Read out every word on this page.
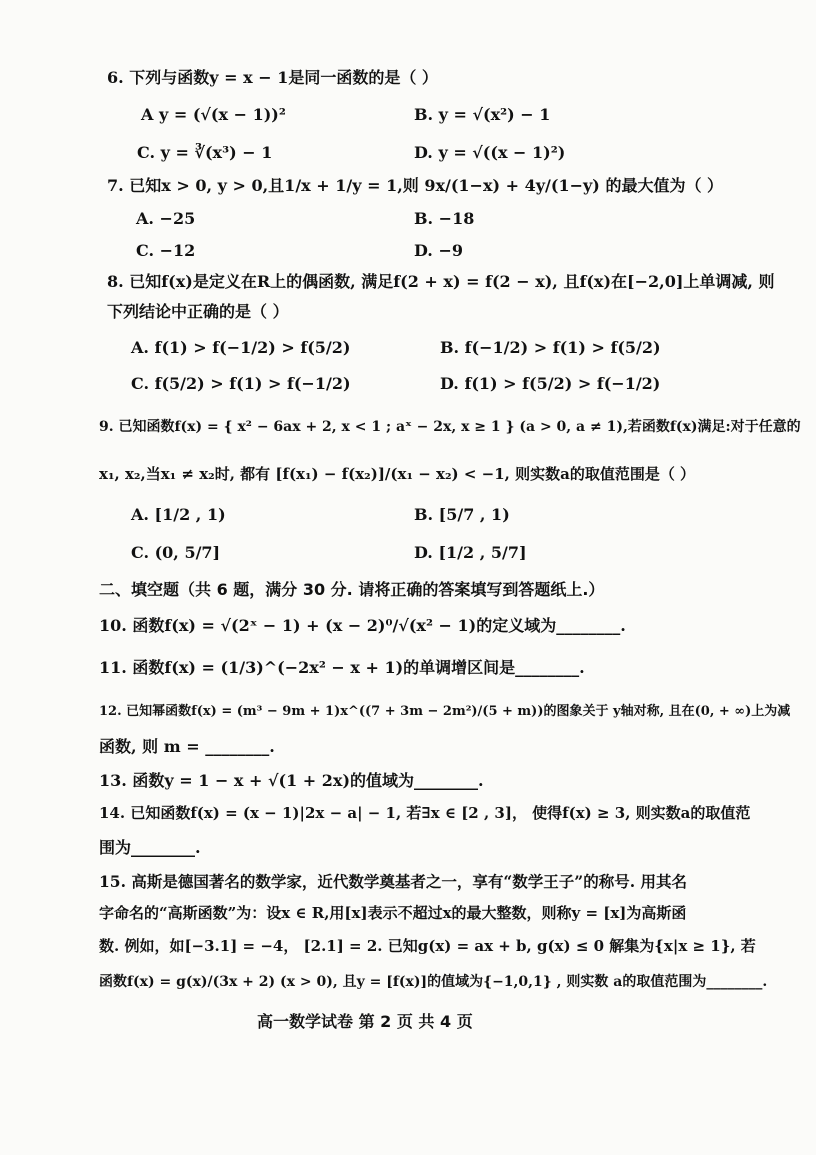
6. 下列与函数y = x − 1是同一函数的是（ ）
A y = (√(x − 1))²	B. y = √(x²) − 1
C. y = ∛(x³) − 1	D. y = √((x − 1)²)
7. 已知x > 0, y > 0,且1/x + 1/y = 1,则 9x/(1−x) + 4y/(1−y) 的最大值为（ ）
A. −25	B. −18
C. −12	D. −9
8. 已知f(x)是定义在R上的偶函数, 满足f(2 + x) = f(2 − x), 且f(x)在[−2,0]上单调减, 则
下列结论中正确的是（ ）
A. f(1) > f(−1/2) > f(5/2)	B. f(−1/2) > f(1) > f(5/2)
C. f(5/2) > f(1) > f(−1/2)	D. f(1) > f(5/2) > f(−1/2)
9. 已知函数f(x) = { x² − 6ax + 2, x < 1 ; aˣ − 2x, x ≥ 1 } (a > 0, a ≠ 1),若函数f(x)满足:对于任意的
x₁, x₂,当x₁ ≠ x₂时, 都有 [f(x₁) − f(x₂)]/(x₁ − x₂) < −1, 则实数a的取值范围是（ ）
A. [1/2 , 1)	B. [5/7 , 1)
C. (0, 5/7]	D. [1/2 , 5/7]
二、填空题（共 6 题，满分 30 分. 请将正确的答案填写到答题纸上.）
10. 函数f(x) = √(2ˣ − 1) + (x − 2)⁰/√(x² − 1)的定义域为________.
11. 函数f(x) = (1/3)^(−2x² − x + 1)的单调增区间是________.
12. 已知幂函数f(x) = (m³ − 9m + 1)x^((7 + 3m − 2m²)/(5 + m))的图象关于 y轴对称, 且在(0, + ∞)上为减
函数, 则 m = ________.
13. 函数y = 1 − x + √(1 + 2x)的值域为________.
14. 已知函数f(x) = (x − 1)|2x − a| − 1, 若∃x ∈ [2 , 3]， 使得f(x) ≥ 3, 则实数a的取值范
围为________.
15. 高斯是德国著名的数学家，近代数学奠基者之一，享有“数学王子”的称号. 用其名
字命名的“高斯函数”为：设x ∈ R,用[x]表示不超过x的最大整数，则称y = [x]为高斯函
数. 例如，如[−3.1] = −4， [2.1] = 2. 已知g(x) = ax + b, g(x) ≤ 0 解集为{x|x ≥ 1}, 若
函数f(x) = g(x)/(3x + 2) (x > 0), 且y = [f(x)]的值域为{−1,0,1} , 则实数 a的取值范围为________.
高一数学试卷 第 2 页 共 4 页
